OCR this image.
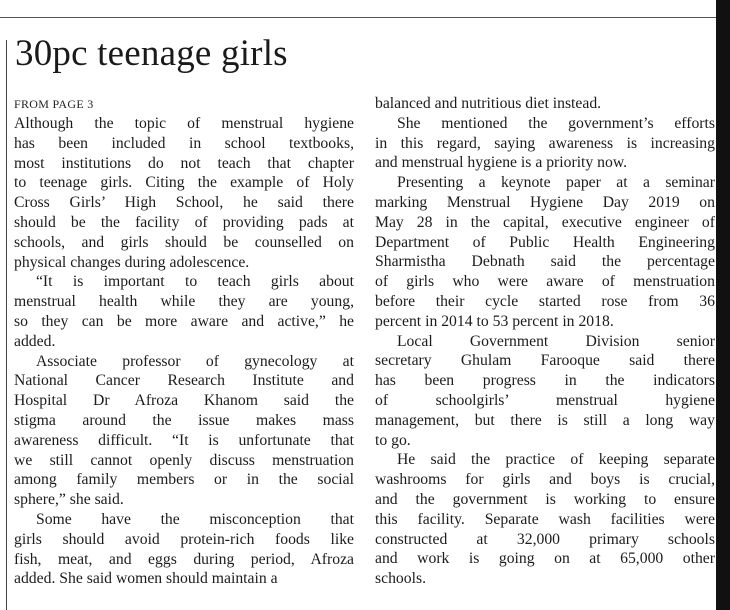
30pc teenage girls
FROM PAGE 3

Although the topic of menstrual hygiene
has been included in school textbooks,
most institutions do not teach that chapter
to teenage girls. Citing the example of Holy
Cross Girls’ High School, he said there
should be the facility of providing pads at
schools, and girls should be counselled on
physical changes during adolescence.

“It is important to teach girls about
menstrual health while they are young,
so they can be more aware and active,” he
added.

Associate professor of gynecology at
National Cancer Research Institute and
Hospital Dr Afroza Khanom said the
stigma around the issue makes mass
awareness difficult. “It is unfortunate that
we still cannot openly discuss menstruation
among family members or in the social
sphere,” she said.

Some have the misconception that
girls should avoid protein-rich foods like
fish, meat, and eggs during period, Afroza
added. She said women should maintain a

balanced and nutritious diet instead.

She mentioned the government’s efforts
in this regard, saying awareness is increasing
and menstrual hygiene is a priority now.

Presenting a keynote paper at a seminar
marking Menstrual Hygiene Day 2019 on
May 28 in the capital, executive engineer of
Department of Public Health Engineering
Sharmistha Debnath said the percentage
of girls who were aware of menstruation
before their cycle started rose from 36
percent in 2014 to 53 percent in 2018.

Local Government Division senior
secretary Ghulam Farooque said there
has been progress in the indicators
of schoolgirls’ menstrual hygiene
management, but there is still a long way
to go.

He said the practice of keeping separate
washrooms for girls and boys is crucial,
and the government is working to ensure
this facility. Separate wash facilities were
constructed at 32,000 primary schools
and work is going on at 65,000 other
schools.
